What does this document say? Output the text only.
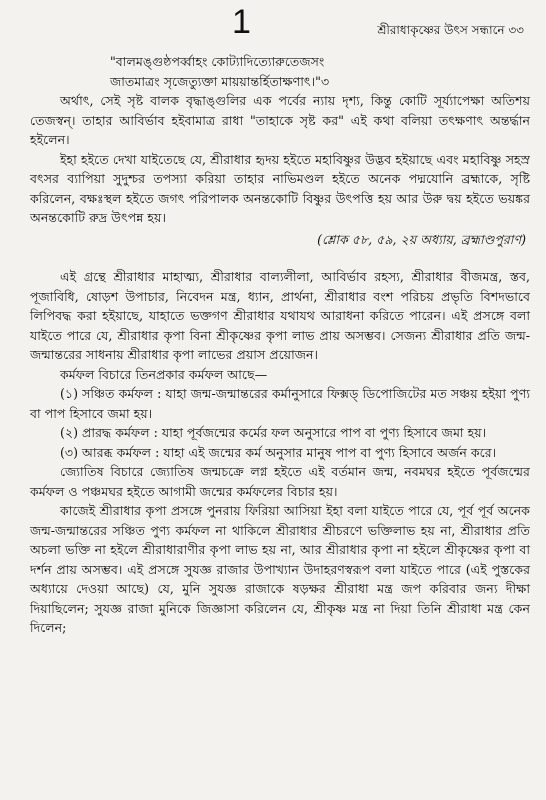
1	শ্রীরাধাকৃষ্ণের উৎস সন্ধানে ৩৩

"বালমঙ্গুষ্ঠপর্ব্বাহং কোট্যাদিত্যোরুতেজসং

জাতমাত্রং সৃজেত্যুক্তা মায়য়ান্তর্হিতাক্ষণাৎ।"৩

অর্থাৎ, সেই সৃষ্ট বালক বৃদ্ধাঙ্গুলির এক পর্বের ন্যায় দৃশ্য, কিন্তু কোটি সূর্য্যাপেক্ষা অতিশয় তেজস্বন্। তাহার আবির্ভাব হইবামাত্র রাধা "তাহাকে সৃষ্ট কর" এই কথা বলিয়া তৎক্ষণাৎ অন্তর্দ্ধান হইলেন।

ইহা হইতে দেখা যাইতেছে যে, শ্রীরাধার হৃদয় হইতে মহাবিষ্ণুর উদ্ভব হইয়াছে এবং মহাবিষ্ণু সহস্র বৎসর ব্যাপিয়া সুদুশ্চর তপস্যা করিয়া তাহার নাভিমণ্ডল হইতে অনেক পদ্মযোনি ব্রহ্মাকে, সৃষ্টি করিলেন, বক্ষঃস্থল হইতে জগৎ পরিপালক অনন্তকোটি বিষ্ণুর উৎপত্তি হয় আর উরু দ্বয় হইতে ভয়ঙ্কর অনন্তকোটি রুদ্র উৎপন্ন হয়।

(শ্লোক ৫৮, ৫৯, ২য় অধ্যায়, ব্রহ্মাণ্ডপুরাণ)

এই গ্রন্থে শ্রীরাধার মাহাত্ম্য, শ্রীরাধার বাল্যলীলা, আবির্ভাব রহস্য, শ্রীরাধার বীজমন্ত্র, স্তব, পূজাবিধি, ষোড়শ উপাচার, নিবেদন মন্ত্র, ধ্যান, প্রার্থনা, শ্রীরাধার বংশ পরিচয় প্রভৃতি বিশদভাবে লিপিবদ্ধ করা হইয়াছে, যাহাতে ভক্তগণ শ্রীরাধার যথাযথ আরাধনা করিতে পারেন। এই প্রসঙ্গে বলা যাইতে পারে যে, শ্রীরাধার কৃপা বিনা শ্রীকৃষ্ণের কৃপা লাভ প্রায় অসম্ভব। সেজন্য শ্রীরাধার প্রতি জন্ম-জন্মান্তরের সাধনায় শ্রীরাধার কৃপা লাভের প্রয়াস প্রয়োজন।

কর্মফল বিচারে তিনপ্রকার কর্মফল আছে—

(১) সঞ্চিত কর্মফল : যাহা জন্ম-জন্মান্তরের কর্মানুসারে ফিক্সড্ ডিপোজিটের মত সঞ্চয় হইয়া পুণ্য বা পাপ হিসাবে জমা হয়।

(২) প্রারদ্ধ কর্মফল : যাহা পূর্বজন্মের কর্মের ফল অনুসারে পাপ বা পুণ্য হিসাবে জমা হয়।

(৩) আরব্ধ কর্মফল : যাহা এই জন্মের কর্ম অনুসার মানুষ পাপ বা পুণ্য হিসাবে অর্জন করে।

জ্যোতিষ বিচারে জ্যোতিষ জন্মচক্রে লগ্ন হইতে এই বর্তমান জন্ম, নবমঘর হইতে পূর্বজন্মের কর্মফল ও পঞ্চমঘর হইতে আগামী জন্মের কর্মফলের বিচার হয়।

কাজেই শ্রীরাধার কৃপা প্রসঙ্গে পুনরায় ফিরিয়া আসিয়া ইহা বলা যাইতে পারে যে, পূর্ব পূর্ব অনেক জন্ম-জন্মান্তরের সঞ্চিত পুণ্য কর্মফল না থাকিলে শ্রীরাধার শ্রীচরণে ভক্তিলাভ হয় না, শ্রীরাধার প্রতি অচলা ভক্তি না হইলে শ্রীরাধারাণীর কৃপা লাভ হয় না, আর শ্রীরাধার কৃপা না হইলে শ্রীকৃষ্ণের কৃপা বা দর্শন প্রায় অসম্ভব। এই প্রসঙ্গে সুযজ্ঞ রাজার উপাখ্যান উদাহরণস্বরূপ বলা যাইতে পারে (এই পুস্তকের অধ্যায়ে দেওয়া আছে) যে, মুনি সুযজ্ঞ রাজাকে ষড়ক্ষর শ্রীরাধা মন্ত্র জপ করিবার জন্য দীক্ষা দিয়াছিলেন; সুযজ্ঞ রাজা মুনিকে জিজ্ঞাসা করিলেন যে, শ্রীকৃষ্ণ মন্ত্র না দিয়া তিনি শ্রীরাধা মন্ত্র কেন দিলেন;
